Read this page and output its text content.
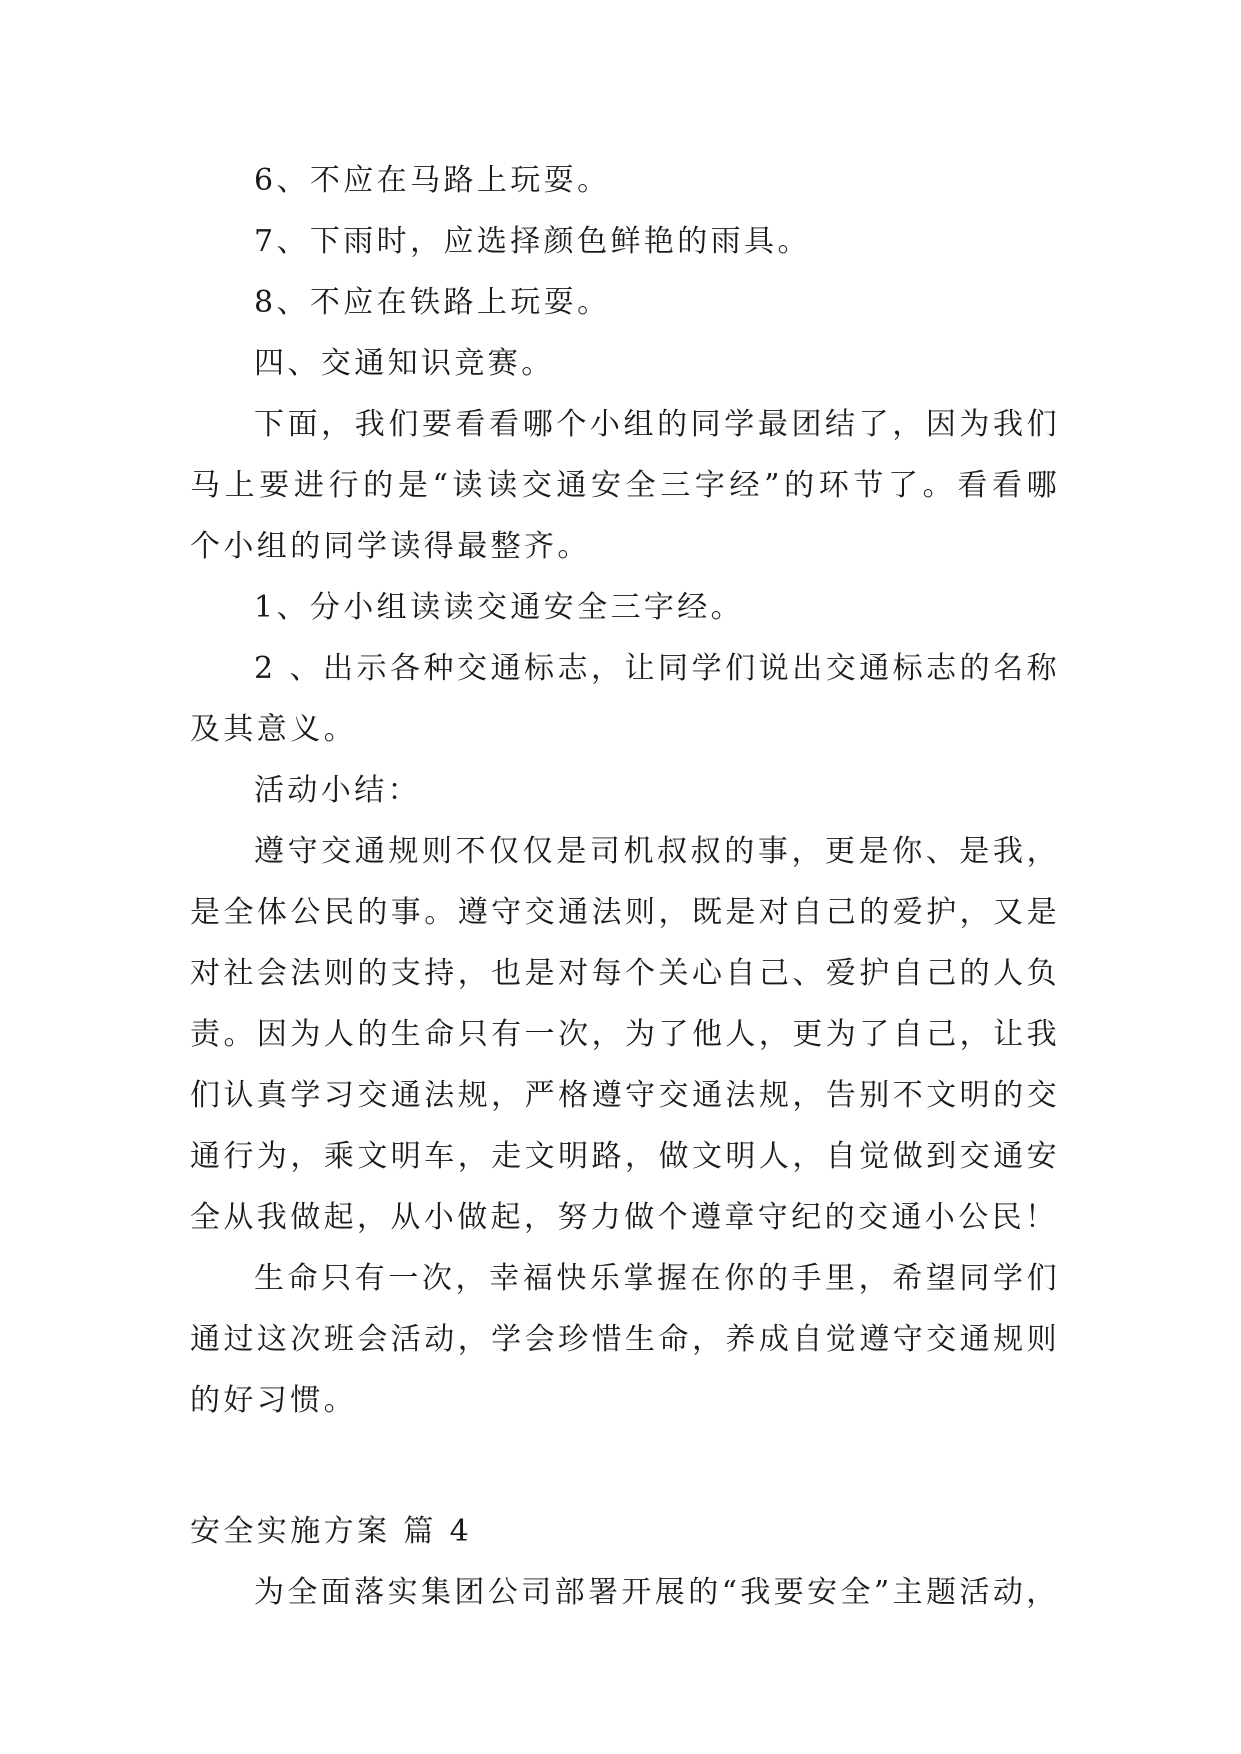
6、不应在马路上玩耍。

7、下雨时，应选择颜色鲜艳的雨具。

8、不应在铁路上玩耍。

四、交通知识竞赛。

下面，我们要看看哪个小组的同学最团结了，因为我们马上要进行的是“读读交通安全三字经”的环节了。看看哪个小组的同学读得最整齐。

1、分小组读读交通安全三字经。

2 、出示各种交通标志，让同学们说出交通标志的名称及其意义。

活动小结：

遵守交通规则不仅仅是司机叔叔的事，更是你、是我，是全体公民的事。遵守交通法则，既是对自己的爱护，又是对社会法则的支持，也是对每个关心自己、爱护自己的人负责。因为人的生命只有一次，为了他人，更为了自己，让我们认真学习交通法规，严格遵守交通法规，告别不文明的交通行为，乘文明车，走文明路，做文明人，自觉做到交通安全从我做起，从小做起，努力做个遵章守纪的交通小公民！

生命只有一次，幸福快乐掌握在你的手里，希望同学们通过这次班会活动，学会珍惜生命，养成自觉遵守交通规则的好习惯。

安全实施方案 篇 4

为全面落实集团公司部署开展的“我要安全”主题活动，
